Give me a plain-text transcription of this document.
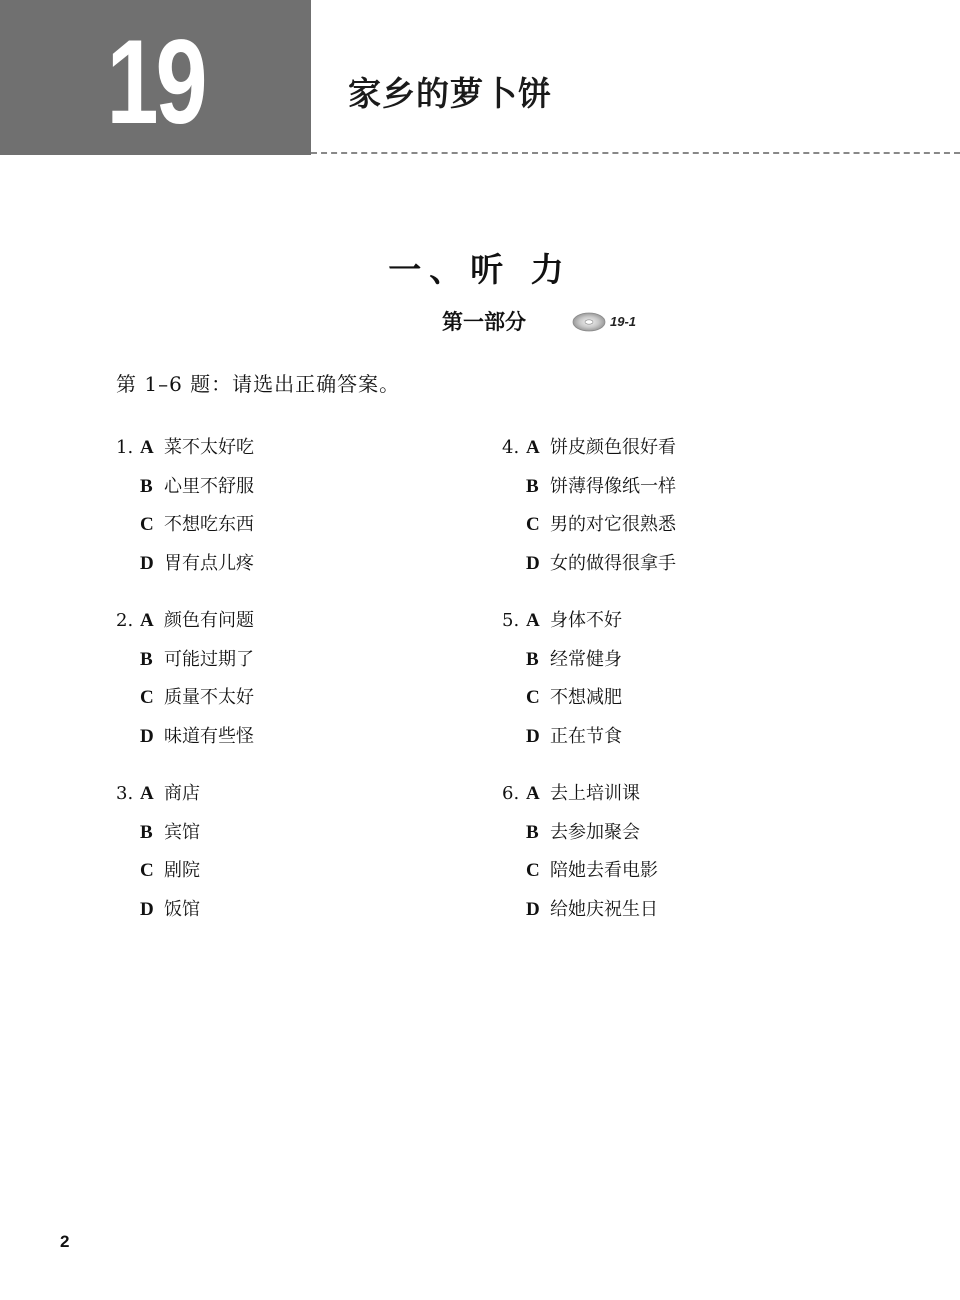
19	家乡的萝卜饼
一、听 力
第一部分	19-1
第 1–6 题：请选出正确答案。
1. A 菜不太好吃
B 心里不舒服
C 不想吃东西
D 胃有点儿疼
2. A 颜色有问题
B 可能过期了
C 质量不太好
D 味道有些怪
3. A 商店
B 宾馆
C 剧院
D 饭馆
4. A 饼皮颜色很好看
B 饼薄得像纸一样
C 男的对它很熟悉
D 女的做得很拿手
5. A 身体不好
B 经常健身
C 不想减肥
D 正在节食
6. A 去上培训课
B 去参加聚会
C 陪她去看电影
D 给她庆祝生日
2
